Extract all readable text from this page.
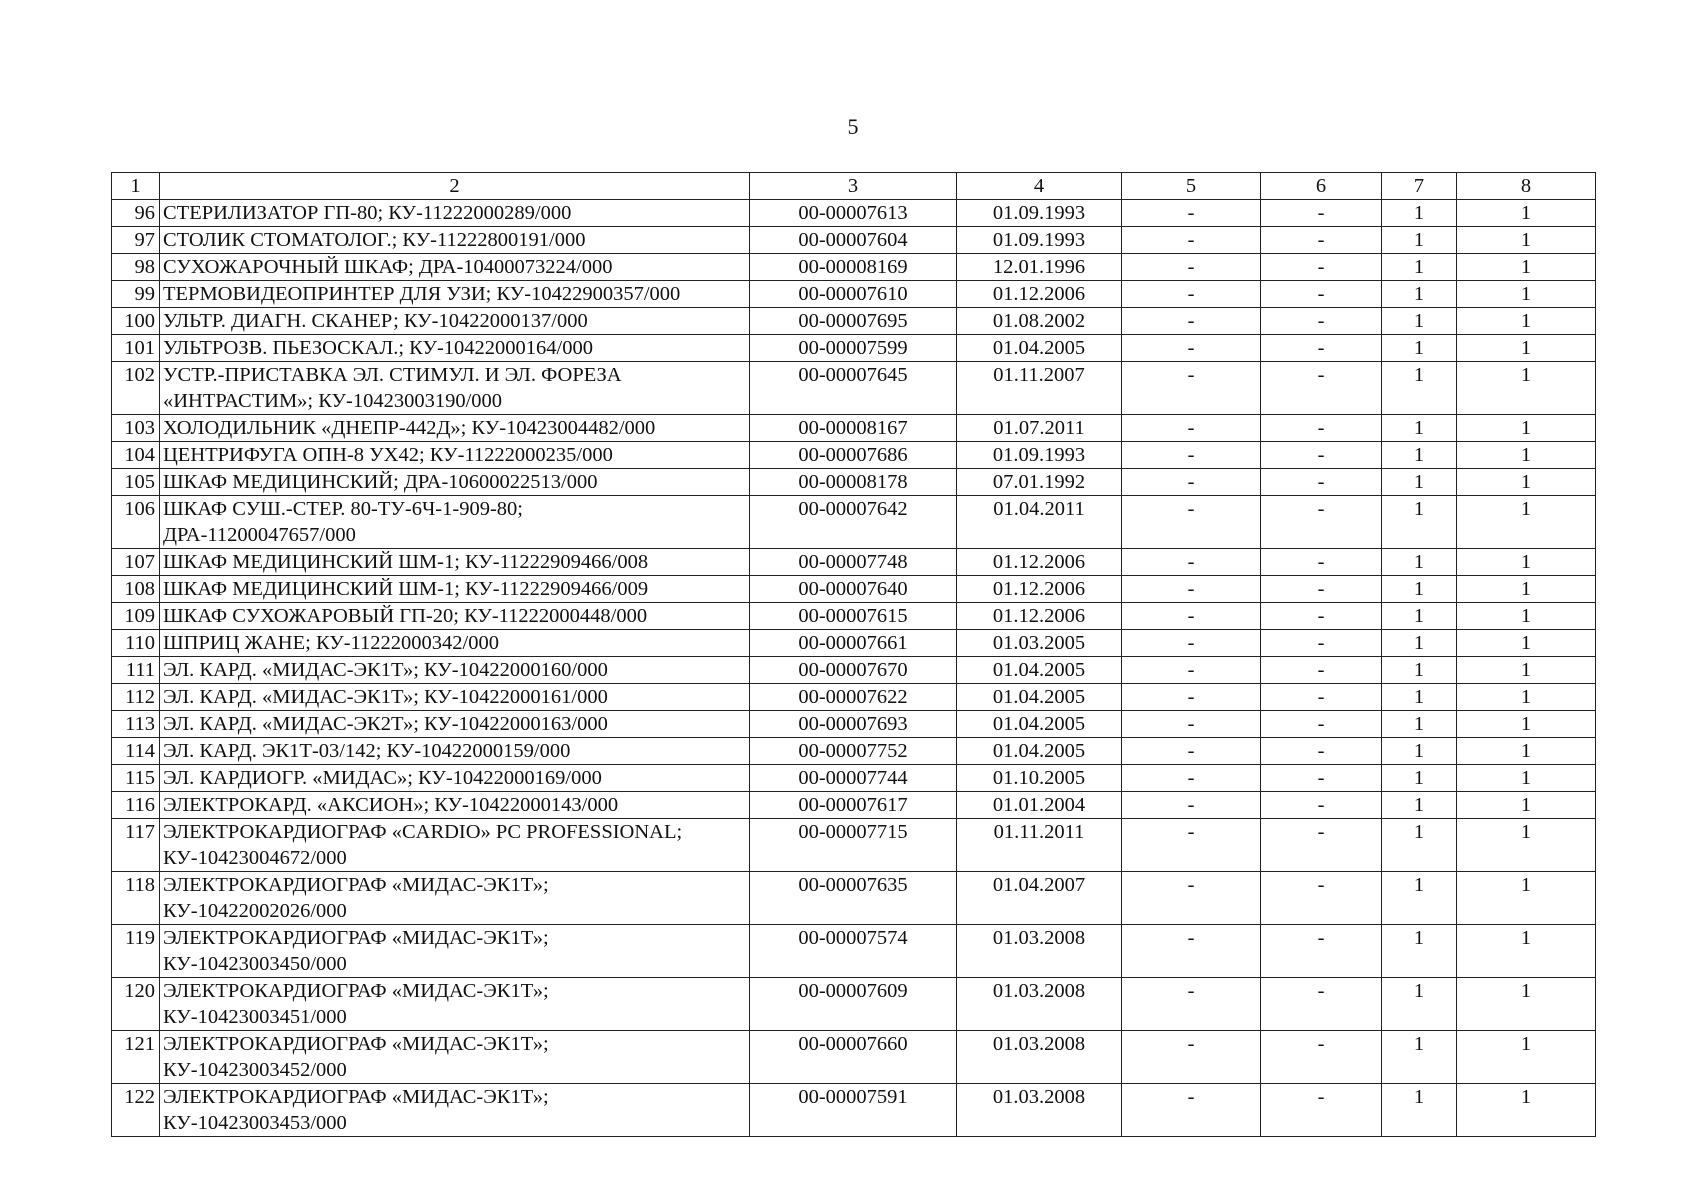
5
1	2	3	4	5	6	7	8
96	СТЕРИЛИЗАТОР ГП-80; КУ-11222000289/000	00-00007613	01.09.1993	-	-	1	1
97	СТОЛИК СТОМАТОЛОГ.; КУ-11222800191/000	00-00007604	01.09.1993	-	-	1	1
98	СУХОЖАРОЧНЫЙ ШКАФ; ДРА-10400073224/000	00-00008169	12.01.1996	-	-	1	1
99	ТЕРМОВИДЕОПРИНТЕР ДЛЯ УЗИ; КУ-10422900357/000	00-00007610	01.12.2006	-	-	1	1
100	УЛЬТР. ДИАГН. СКАНЕР; КУ-10422000137/000	00-00007695	01.08.2002	-	-	1	1
101	УЛЬТРОЗВ. ПЬЕЗОСКАЛ.; КУ-10422000164/000	00-00007599	01.04.2005	-	-	1	1
102	УСТР.-ПРИСТАВКА ЭЛ. СТИМУЛ. И ЭЛ. ФОРЕЗА
«ИНТРАСТИМ»; КУ-10423003190/000	00-00007645	01.11.2007	-	-	1	1
103	ХОЛОДИЛЬНИК «ДНЕПР-442Д»; КУ-10423004482/000	00-00008167	01.07.2011	-	-	1	1
104	ЦЕНТРИФУГА ОПН-8 УХ42; КУ-11222000235/000	00-00007686	01.09.1993	-	-	1	1
105	ШКАФ МЕДИЦИНСКИЙ; ДРА-10600022513/000	00-00008178	07.01.1992	-	-	1	1
106	ШКАФ СУШ.-СТЕР. 80-ТУ-6Ч-1-909-80;
ДРА-11200047657/000	00-00007642	01.04.2011	-	-	1	1
107	ШКАФ МЕДИЦИНСКИЙ ШМ-1; КУ-11222909466/008	00-00007748	01.12.2006	-	-	1	1
108	ШКАФ МЕДИЦИНСКИЙ ШМ-1; КУ-11222909466/009	00-00007640	01.12.2006	-	-	1	1
109	ШКАФ СУХОЖАРОВЫЙ ГП-20; КУ-11222000448/000	00-00007615	01.12.2006	-	-	1	1
110	ШПРИЦ ЖАНЕ; КУ-11222000342/000	00-00007661	01.03.2005	-	-	1	1
111	ЭЛ. КАРД. «МИДАС-ЭК1Т»; КУ-10422000160/000	00-00007670	01.04.2005	-	-	1	1
112	ЭЛ. КАРД. «МИДАС-ЭК1Т»; КУ-10422000161/000	00-00007622	01.04.2005	-	-	1	1
113	ЭЛ. КАРД. «МИДАС-ЭК2Т»; КУ-10422000163/000	00-00007693	01.04.2005	-	-	1	1
114	ЭЛ. КАРД. ЭК1Т-03/142; КУ-10422000159/000	00-00007752	01.04.2005	-	-	1	1
115	ЭЛ. КАРДИОГР. «МИДАС»; КУ-10422000169/000	00-00007744	01.10.2005	-	-	1	1
116	ЭЛЕКТРОКАРД. «АКСИОН»; КУ-10422000143/000	00-00007617	01.01.2004	-	-	1	1
117	ЭЛЕКТРОКАРДИОГРАФ «CARDIO» PC PROFESSIONAL;
КУ-10423004672/000	00-00007715	01.11.2011	-	-	1	1
118	ЭЛЕКТРОКАРДИОГРАФ «МИДАС-ЭК1Т»;
КУ-10422002026/000	00-00007635	01.04.2007	-	-	1	1
119	ЭЛЕКТРОКАРДИОГРАФ «МИДАС-ЭК1Т»;
КУ-10423003450/000	00-00007574	01.03.2008	-	-	1	1
120	ЭЛЕКТРОКАРДИОГРАФ «МИДАС-ЭК1Т»;
КУ-10423003451/000	00-00007609	01.03.2008	-	-	1	1
121	ЭЛЕКТРОКАРДИОГРАФ «МИДАС-ЭК1Т»;
КУ-10423003452/000	00-00007660	01.03.2008	-	-	1	1
122	ЭЛЕКТРОКАРДИОГРАФ «МИДАС-ЭК1Т»;
КУ-10423003453/000	00-00007591	01.03.2008	-	-	1	1
